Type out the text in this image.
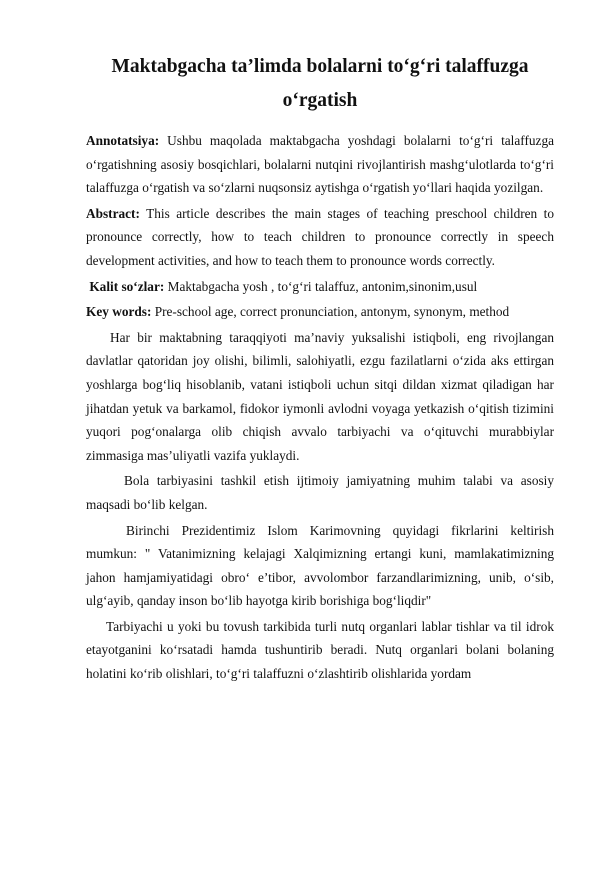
Maktabgacha ta’limda bolalarni to‘g‘ri talaffuzga o‘rgatish

Annotatsiya: Ushbu maqolada maktabgacha yoshdagi bolalarni to‘g‘ri talaffuzga o‘rgatishning asosiy bosqichlari, bolalarni nutqini rivojlantirish mashg‘ulotlarda to‘g‘ri talaffuzga o‘rgatish va so‘zlarni nuqsonsiz aytishga o‘rgatish yo‘llari haqida yozilgan.

Abstract: This article describes the main stages of teaching preschool children to pronounce correctly, how to teach children to pronounce correctly in speech development activities, and how to teach them to pronounce words correctly.

Kalit so‘zlar: Maktabgacha yosh , to‘g‘ri talaffuz, antonim,sinonim,usul

Key words: Pre-school age, correct pronunciation, antonym, synonym, method

Har bir maktabning taraqqiyoti ma’naviy yuksalishi istiqboli, eng rivojlangan davlatlar qatoridan joy olishi, bilimli, salohiyatli, ezgu fazilatlarni o‘zida aks ettirgan yoshlarga bog‘liq hisoblanib, vatani istiqboli uchun sitqi dildan xizmat qiladigan har jihatdan yetuk va barkamol, fidokor iymonli avlodni voyaga yetkazish o‘qitish tizimini yuqori pog‘onalarga olib chiqish avvalo tarbiyachi va o‘qituvchi murabbiylar zimmasiga mas’uliyatli vazifa yuklaydi.

Bola tarbiyasini tashkil etish ijtimoiy jamiyatning muhim talabi va asosiy maqsadi bo‘lib kelgan.

Birinchi Prezidentimiz Islom Karimovning quyidagi fikrlarini keltirish mumkun: " Vatanimizning kelajagi Xalqimizning ertangi kuni, mamlakatimizning jahon hamjamiyatidagi obro‘ e’tibor, avvolombor farzandlarimizning, unib, o‘sib, ulg‘ayib, qanday inson bo‘lib hayotga kirib borishiga bog‘liqdir"

Tarbiyachi u yoki bu tovush tarkibida turli nutq organlari lablar tishlar va til idrok etayotganini ko‘rsatadi hamda tushuntirib beradi. Nutq organlari bolani bolaning holatini ko‘rib olishlari, to‘g‘ri talaffuzni o‘zlashtirib olishlarida yordam
